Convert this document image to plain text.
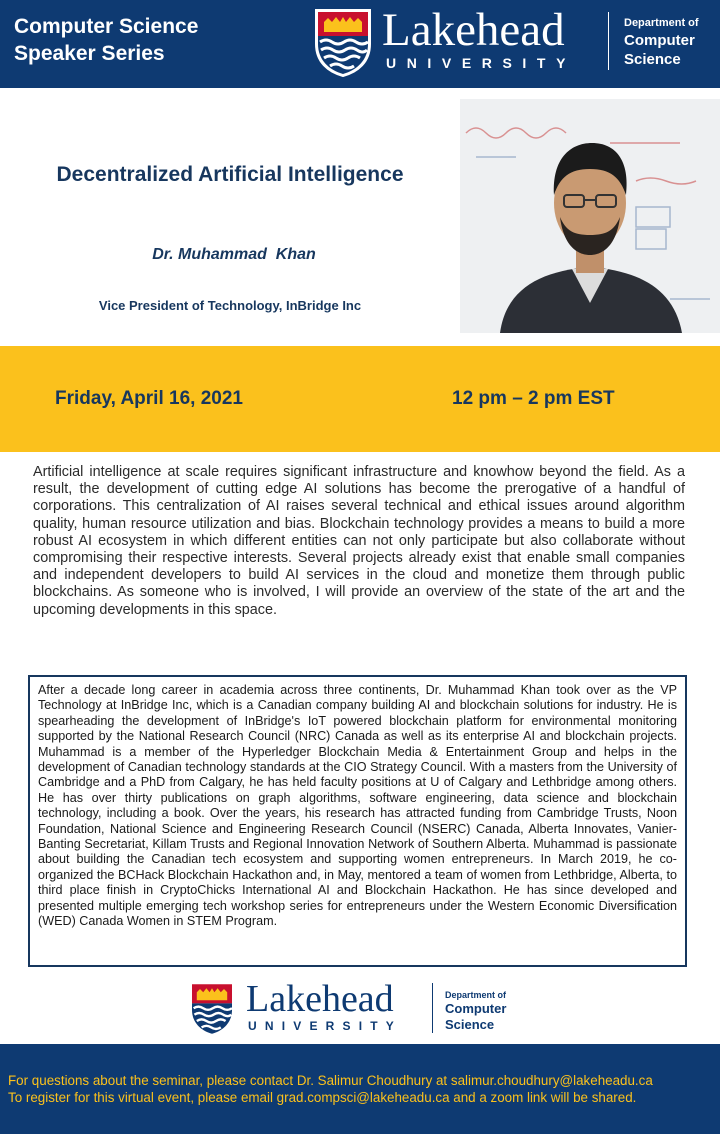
Computer Science
Speaker Series	Lakehead
UNIVERSITY
Department of
Computer
Science
Decentralized Artificial Intelligence
Dr. Muhammad  Khan
Vice President of Technology, InBridge Inc
Friday, April 16, 2021	12 pm – 2 pm EST

Artificial intelligence at scale requires significant infrastructure and knowhow beyond the field. As a result, the development of cutting edge AI solutions has become the prerogative of a handful of corporations. This centralization of AI raises several technical and ethical issues around algorithm quality, human resource utilization and bias. Blockchain technology provides a means to build a more robust AI ecosystem in which different entities can not only participate but also collaborate without compromising their respective interests. Several projects already exist that enable small companies and independent developers to build AI services in the cloud and monetize them through public blockchains. As someone who is involved, I will provide an overview of the state of the art and the upcoming developments in this space.

After a decade long career in academia across three continents, Dr. Muhammad Khan took over as the VP Technology at InBridge Inc, which is a Canadian company building AI and blockchain solutions for industry. He is spearheading the development of InBridge's IoT powered blockchain platform for environmental monitoring supported by the National Research Council (NRC) Canada as well as its enterprise AI and blockchain projects. Muhammad is a member of the Hyperledger Blockchain Media & Entertainment Group and helps in the development of Canadian technology standards at the CIO Strategy Council. With a masters from the University of Cambridge and a PhD from Calgary, he has held faculty positions at U of Calgary and Lethbridge among others. He has over thirty publications on graph algorithms, software engineering, data science and blockchain technology, including a book. Over the years, his research has attracted funding from Cambridge Trusts, Noon Foundation, National Science and Engineering Research Council (NSERC) Canada, Alberta Innovates, Vanier-Banting Secretariat, Killam Trusts and Regional Innovation Network of Southern Alberta. Muhammad is passionate about building the Canadian tech ecosystem and supporting women entrepreneurs. In March 2019, he co-organized the BCHack Blockchain Hackathon and, in May, mentored a team of women from Lethbridge, Alberta, to third place finish in CryptoChicks International AI and Blockchain Hackathon. He has since developed and presented multiple emerging tech workshop series for entrepreneurs under the Western Economic Diversification (WED) Canada Women in STEM Program.

Lakehead
UNIVERSITY
Department of
Computer
Science
For questions about the seminar, please contact Dr. Salimur Choudhury at salimur.choudhury@lakeheadu.ca
To register for this virtual event, please email grad.compsci@lakeheadu.ca and a zoom link will be shared.
